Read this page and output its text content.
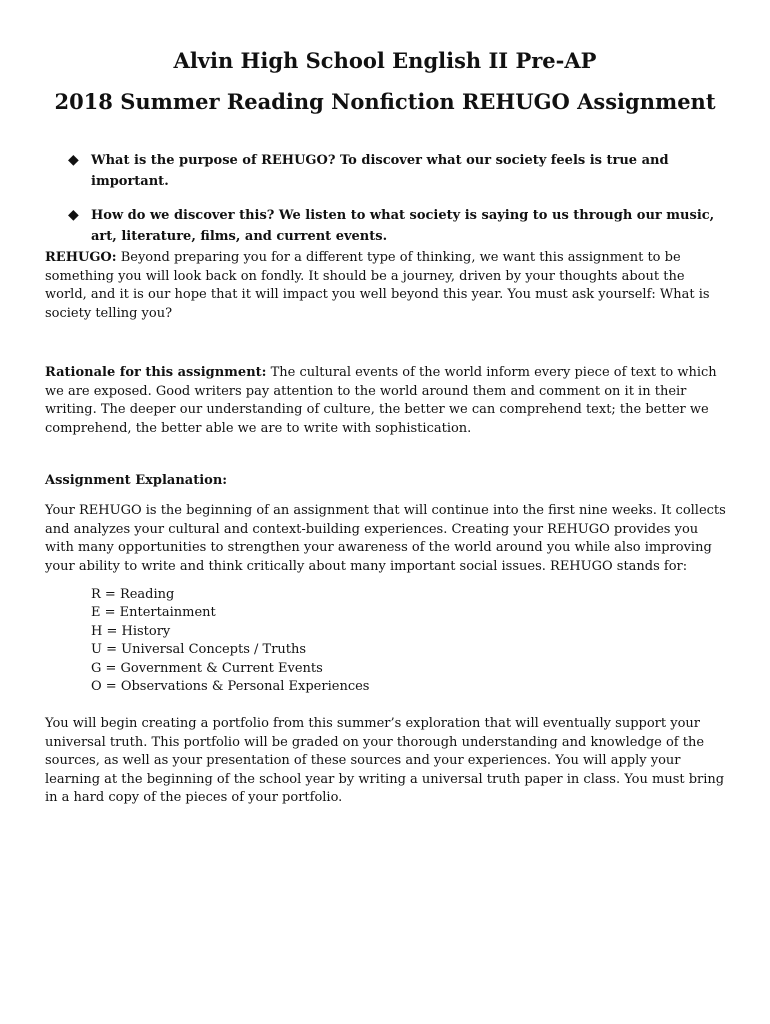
Alvin High School English II Pre-AP
2018 Summer Reading Nonfiction REHUGO Assignment
◆ What is the purpose of REHUGO? To discover what our society feels is true and important.
◆ How do we discover this? We listen to what society is saying to us through our music, art, literature, films, and current events.

REHUGO: Beyond preparing you for a different type of thinking, we want this assignment to be something you will look back on fondly. It should be a journey, driven by your thoughts about the world, and it is our hope that it will impact you well beyond this year. You must ask yourself: What is society telling you?

Rationale for this assignment: The cultural events of the world inform every piece of text to which we are exposed. Good writers pay attention to the world around them and comment on it in their writing. The deeper our understanding of culture, the better we can comprehend text; the better we comprehend, the better able we are to write with sophistication.

Assignment Explanation:

Your REHUGO is the beginning of an assignment that will continue into the first nine weeks. It collects and analyzes your cultural and context-building experiences. Creating your REHUGO provides you with many opportunities to strengthen your awareness of the world around you while also improving your ability to write and think critically about many important social issues. REHUGO stands for:

R = Reading
E = Entertainment
H = History
U = Universal Concepts / Truths
G = Government & Current Events
O = Observations & Personal Experiences

You will begin creating a portfolio from this summer’s exploration that will eventually support your universal truth. This portfolio will be graded on your thorough understanding and knowledge of the sources, as well as your presentation of these sources and your experiences. You will apply your learning at the beginning of the school year by writing a universal truth paper in class. You must bring in a hard copy of the pieces of your portfolio.
